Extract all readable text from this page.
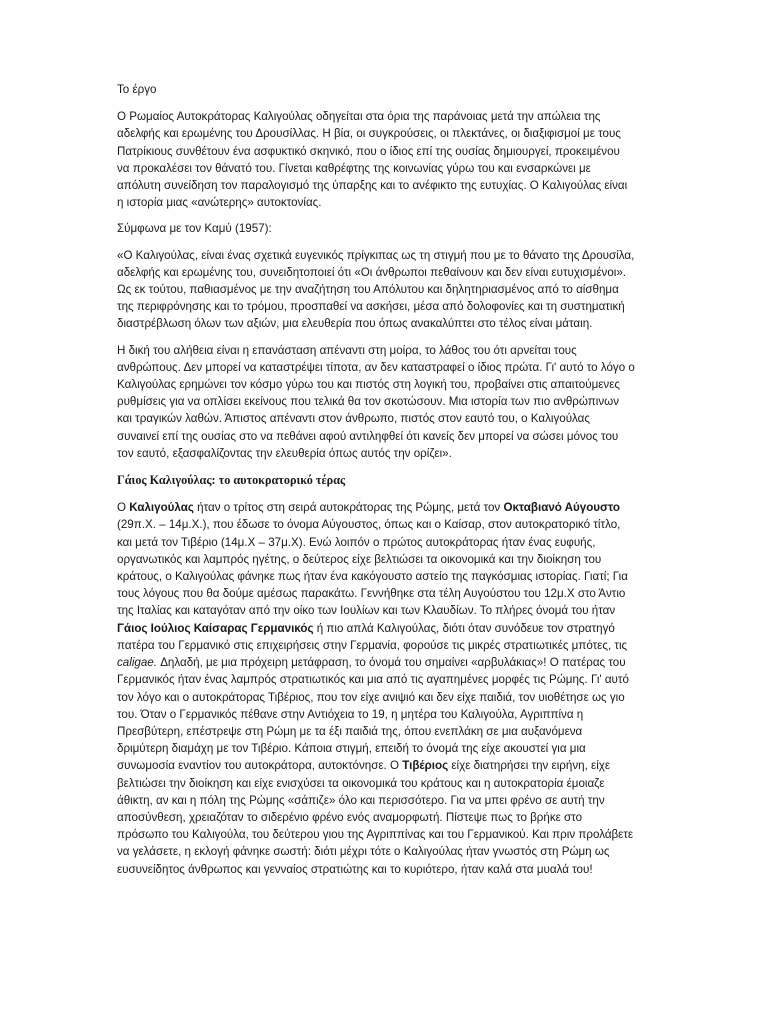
Το έργο

Ο Ρωμαίος Αυτοκράτορας Καλιγούλας οδηγείται στα όρια της παράνοιας μετά την απώλεια της αδελφής και ερωμένης του Δρουσίλλας. Η βία, οι συγκρούσεις, οι πλεκτάνες, οι διαξιφισμοί με τους Πατρίκιους συνθέτουν ένα ασφυκτικό σκηνικό, που ο ίδιος επί της ουσίας δημιουργεί, προκειμένου να προκαλέσει τον θάνατό του. Γίνεται καθρέφτης της κοινωνίας γύρω του και ενσαρκώνει με απόλυτη συνείδηση τον παραλογισμό της ύπαρξης και το ανέφικτο της ευτυχίας. Ο Καλιγούλας είναι η ιστορία μιας «ανώτερης» αυτοκτονίας.

Σύμφωνα με τον Καμύ (1957):

«Ο Καλιγούλας, είναι ένας σχετικά ευγενικός πρίγκιπας ως τη στιγμή που με το θάνατο της Δρουσίλα, αδελφής και ερωμένης του, συνειδητοποιεί ότι «Οι άνθρωποι πεθαίνουν και δεν είναι ευτυχισμένοι». Ως εκ τούτου, παθιασμένος με την αναζήτηση του Απόλυτου και δηλητηριασμένος από το αίσθημα της περιφρόνησης και το τρόμου, προσπαθεί να ασκήσει, μέσα από δολοφονίες και τη συστηματική διαστρέβλωση όλων των αξιών, μια ελευθερία που όπως ανακαλύπτει στο τέλος είναι μάταιη.

Η δική του αλήθεια είναι η επανάσταση απέναντι στη μοίρα, το λάθος του ότι αρνείται τους ανθρώπους. Δεν μπορεί να καταστρέψει τίποτα, αν δεν καταστραφεί ο ίδιος πρώτα. Γι' αυτό το λόγο ο Καλιγούλας ερημώνει τον κόσμο γύρω του και πιστός στη λογική του, προβαίνει στις απαιτούμενες ρυθμίσεις για να οπλίσει εκείνους που τελικά θα τον σκοτώσουν. Μια ιστορία των πιο ανθρώπινων και τραγικών λαθών. Άπιστος απέναντι στον άνθρωπο, πιστός στον εαυτό του, ο Καλιγούλας συναινεί επί της ουσίας στο να πεθάνει αφού αντιληφθεί ότι κανείς δεν μπορεί να σώσει μόνος του τον εαυτό, εξασφαλίζοντας την ελευθερία όπως αυτός την ορίζει».

Γάιος Καλιγούλας: το αυτοκρατορικό τέρας

Ο Καλιγούλας ήταν ο τρίτος στη σειρά αυτοκράτορας της Ρώμης, μετά τον Οκταβιανό Αύγουστο (29π.Χ. – 14μ.Χ.), που έδωσε το όνομα Αύγουστος, όπως και ο Καίσαρ, στον αυτοκρατορικό τίτλο, και μετά τον Τιβέριο (14μ.Χ – 37μ.Χ). Ενώ λοιπόν ο πρώτος αυτοκράτορας ήταν ένας ευφυής, οργανωτικός και λαμπρός ηγέτης, ο δεύτερος είχε βελτιώσει τα οικονομικά και την διοίκηση του κράτους, ο Καλιγούλας φάνηκε πως ήταν ένα κακόγουστο αστείο της παγκόσμιας ιστορίας. Γιατί; Για τους λόγους που θα δούμε αμέσως παρακάτω. Γεννήθηκε στα τέλη Αυγούστου του 12μ.Χ στο Άντιο της Ιταλίας και καταγόταν από την οίκο των Ιουλίων και των Κλαυδίων. Το πλήρες όνομά του ήταν Γάιος Ιούλιος Καίσαρας Γερμανικός ή πιο απλά Καλιγούλας, διότι όταν συνόδευε τον στρατηγό πατέρα του Γερμανικό στις επιχειρήσεις στην Γερμανία, φορούσε τις μικρές στρατιωτικές μπότες, τις caligae. Δηλαδή, με μια πρόχειρη μετάφραση, το όνομά του σημαίνει «αρβυλάκιας»! Ο πατέρας του Γερμανικός ήταν ένας λαμπρός στρατιωτικός και μια από τις αγαπημένες μορφές τις Ρώμης. Γι' αυτό τον λόγο και ο αυτοκράτορας Τιβέριος, που τον είχε ανιψιό και δεν είχε παιδιά, τον υιοθέτησε ως γιο του. Όταν ο Γερμανικός πέθανε στην Αντιόχεια το 19, η μητέρα του Καλιγούλα, Αγριππίνα η Πρεσβύτερη, επέστρεψε στη Ρώμη με τα έξι παιδιά της, όπου ενεπλάκη σε μια αυξανόμενα δριμύτερη διαμάχη με τον Τιβέριο. Κάποια στιγμή, επειδή το όνομά της είχε ακουστεί για μια συνωμοσία εναντίον του αυτοκράτορα, αυτοκτόνησε. Ο Τιβέριος είχε διατηρήσει την ειρήνη, είχε βελτιώσει την διοίκηση και είχε ενισχύσει τα οικονομικά του κράτους και η αυτοκρατορία έμοιαζε άθικτη, αν και η πόλη της Ρώμης «σάπιζε» όλο και περισσότερο. Για να μπει φρένο σε αυτή την αποσύνθεση, χρειαζόταν το σιδερένιο φρένο ενός αναμορφωτή. Πίστεψε πως το βρήκε στο πρόσωπο του Καλιγούλα, του δεύτερου γιου της Αγριππίνας και του Γερμανικού. Και πριν προλάβετε να γελάσετε, η εκλογή φάνηκε σωστή: διότι μέχρι τότε ο Καλιγούλας ήταν γνωστός στη Ρώμη ως ευσυνείδητος άνθρωπος και γενναίος στρατιώτης και το κυριότερο, ήταν καλά στα μυαλά του!
